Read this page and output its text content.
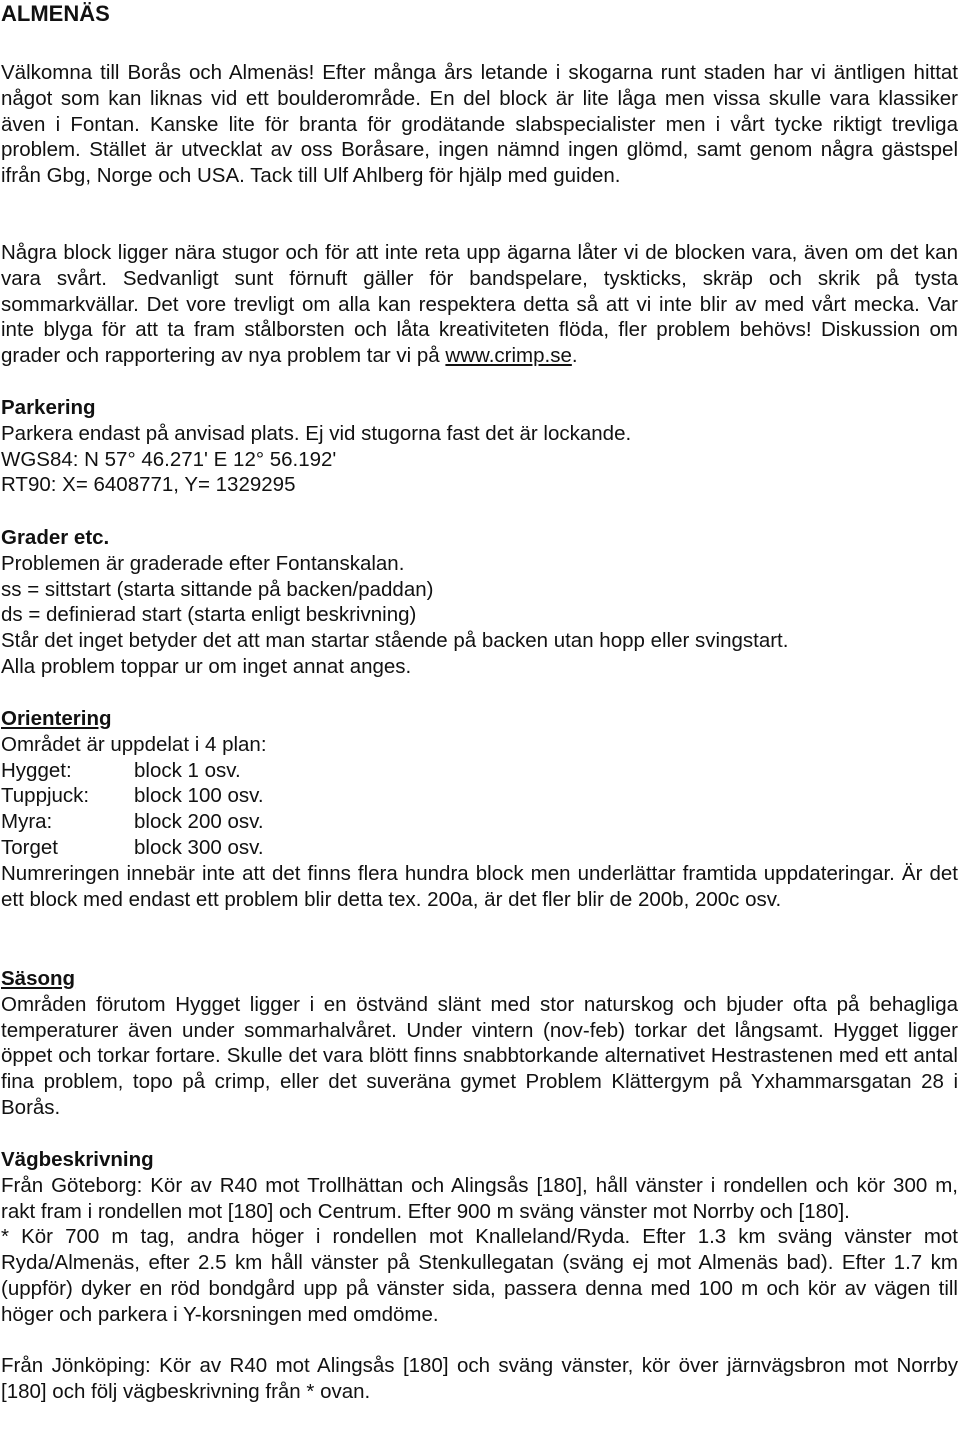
ALMENÄS

Välkomna till Borås och Almenäs! Efter många års letande i skogarna runt staden har vi äntligen hittat något som kan liknas vid ett boulderområde. En del block är lite låga men vissa skulle vara klassiker även i Fontan. Kanske lite för branta för grodätande slabspecialister men i vårt tycke riktigt trevliga problem. Stället är utvecklat av oss Boråsare, ingen nämnd ingen glömd, samt genom några gästspel ifrån Gbg, Norge och USA. Tack till Ulf Ahlberg för hjälp med guiden.

Några block ligger nära stugor och för att inte reta upp ägarna låter vi de blocken vara, även om det kan vara svårt. Sedvanligt sunt förnuft gäller för bandspelare, tyskticks, skräp och skrik på tysta sommarkvällar. Det vore trevligt om alla kan respektera detta så att vi inte blir av med vårt mecka. Var inte blyga för att ta fram stålborsten och låta kreativiteten flöda, fler problem behövs! Diskussion om grader och rapportering av nya problem tar vi på www.crimp.se.

Parkering
Parkera endast på anvisad plats. Ej vid stugorna fast det är lockande.
WGS84: N 57° 46.271' E 12° 56.192'
RT90: X= 6408771, Y= 1329295
Grader etc.
Problemen är graderade efter Fontanskalan.
ss = sittstart (starta sittande på backen/paddan)
ds = definierad start (starta enligt beskrivning)
Står det inget betyder det att man startar stående på backen utan hopp eller svingstart.
Alla problem toppar ur om inget annat anges.
Orientering
Området är uppdelat i 4 plan:
Hygget:	block 1 osv.
Tuppjuck: block 100 osv.
Myra:	block 200 osv.
Torget	block 300 osv.

Numreringen innebär inte att det finns flera hundra block men underlättar framtida uppdateringar. Är det ett block med endast ett problem blir detta tex. 200a, är det fler blir de 200b, 200c osv.

Säsong

Områden förutom Hygget ligger i en östvänd slänt med stor naturskog och bjuder ofta på behagliga temperaturer även under sommarhalvåret. Under vintern (nov-feb) torkar det långsamt. Hygget ligger öppet och torkar fortare. Skulle det vara blött finns snabbtorkande alternativet Hestrastenen med ett antal fina problem, topo på crimp, eller det suveräna gymet Problem Klättergym på Yxhammarsgatan 28 i Borås.

Vägbeskrivning

Från Göteborg: Kör av R40 mot Trollhättan och Alingsås [180], håll vänster i rondellen och kör 300 m, rakt fram i rondellen mot [180] och Centrum. Efter 900 m sväng vänster mot Norrby och [180].

* Kör 700 m tag, andra höger i rondellen mot Knalleland/Ryda. Efter 1.3 km sväng vänster mot Ryda/Almenäs, efter 2.5 km håll vänster på Stenkullegatan (sväng ej mot Almenäs bad). Efter 1.7 km (uppför) dyker en röd bondgård upp på vänster sida, passera denna med 100 m och kör av vägen till höger och parkera i Y-korsningen med omdöme.

Från Jönköping: Kör av R40 mot Alingsås [180] och sväng vänster, kör över järnvägsbron mot Norrby [180] och följ vägbeskrivning från * ovan.
